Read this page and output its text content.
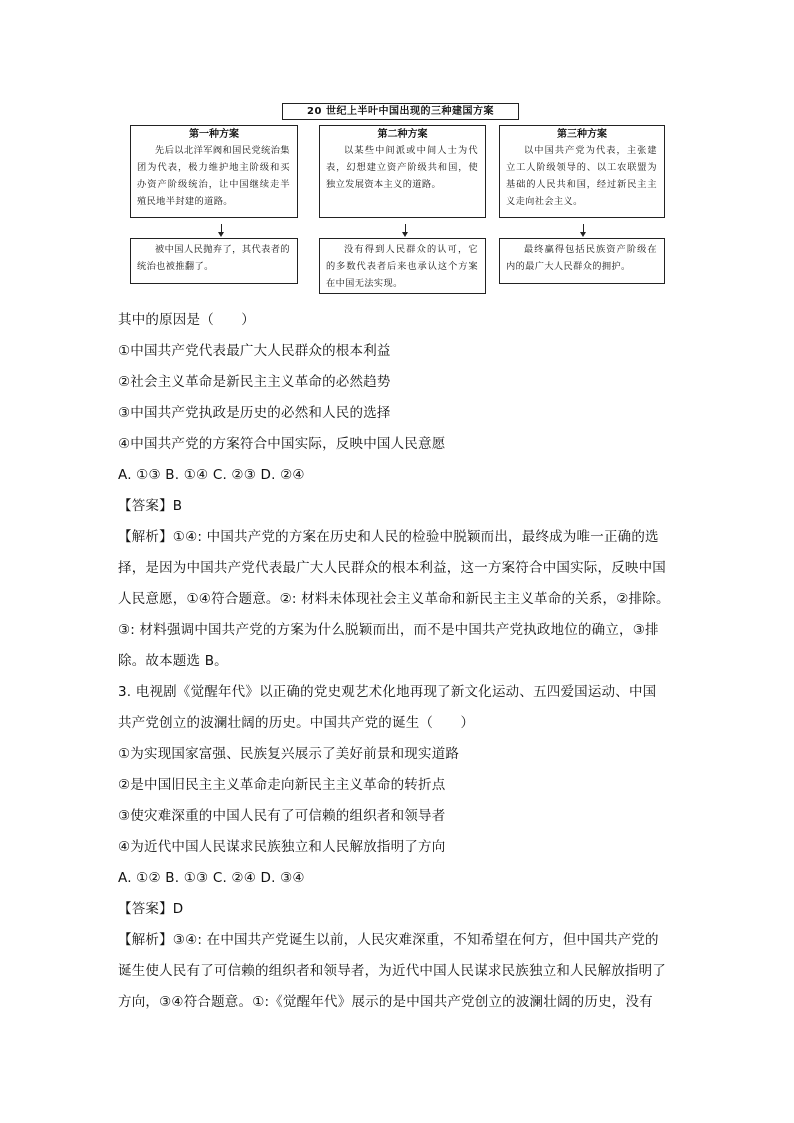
20 世纪上半叶中国出现的三种建国方案
第一种方案
先后以北洋军阀和国民党统治集团为代表，极力维护地主阶级和买办资产阶级统治，让中国继续走半殖民地半封建的道路。
被中国人民抛弃了，其代表者的统治也被推翻了。
第二种方案
以某些中间派或中间人士为代表，幻想建立资产阶级共和国，使独立发展资本主义的道路。
没有得到人民群众的认可，它的多数代表者后来也承认这个方案在中国无法实现。
第三种方案
以中国共产党为代表，主张建立工人阶级领导的、以工农联盟为基础的人民共和国，经过新民主主义走向社会主义。
最终赢得包括民族资产阶级在内的最广大人民群众的拥护。
其中的原因是（　　）
①中国共产党代表最广大人民群众的根本利益
②社会主义革命是新民主主义革命的必然趋势
③中国共产党执政是历史的必然和人民的选择
④中国共产党的方案符合中国实际，反映中国人民意愿
A. ①③ B. ①④ C. ②③ D. ②④
【答案】B
【解析】①④: 中国共产党的方案在历史和人民的检验中脱颖而出，最终成为唯一正确的选
择，是因为中国共产党代表最广大人民群众的根本利益，这一方案符合中国实际，反映中国
人民意愿，①④符合题意。②: 材料未体现社会主义革命和新民主主义革命的关系，②排除。
③: 材料强调中国共产党的方案为什么脱颖而出，而不是中国共产党执政地位的确立，③排
除。故本题选 B。
3. 电视剧《觉醒年代》以正确的党史观艺术化地再现了新文化运动、五四爱国运动、中国
共产党创立的波澜壮阔的历史。中国共产党的诞生（　　）
①为实现国家富强、民族复兴展示了美好前景和现实道路
②是中国旧民主主义革命走向新民主主义革命的转折点
③使灾难深重的中国人民有了可信赖的组织者和领导者
④为近代中国人民谋求民族独立和人民解放指明了方向
A. ①② B. ①③ C. ②④ D. ③④
【答案】D
【解析】③④: 在中国共产党诞生以前，人民灾难深重，不知希望在何方，但中国共产党的
诞生使人民有了可信赖的组织者和领导者，为近代中国人民谋求民族独立和人民解放指明了
方向，③④符合题意。①:《觉醒年代》展示的是中国共产党创立的波澜壮阔的历史，没有
